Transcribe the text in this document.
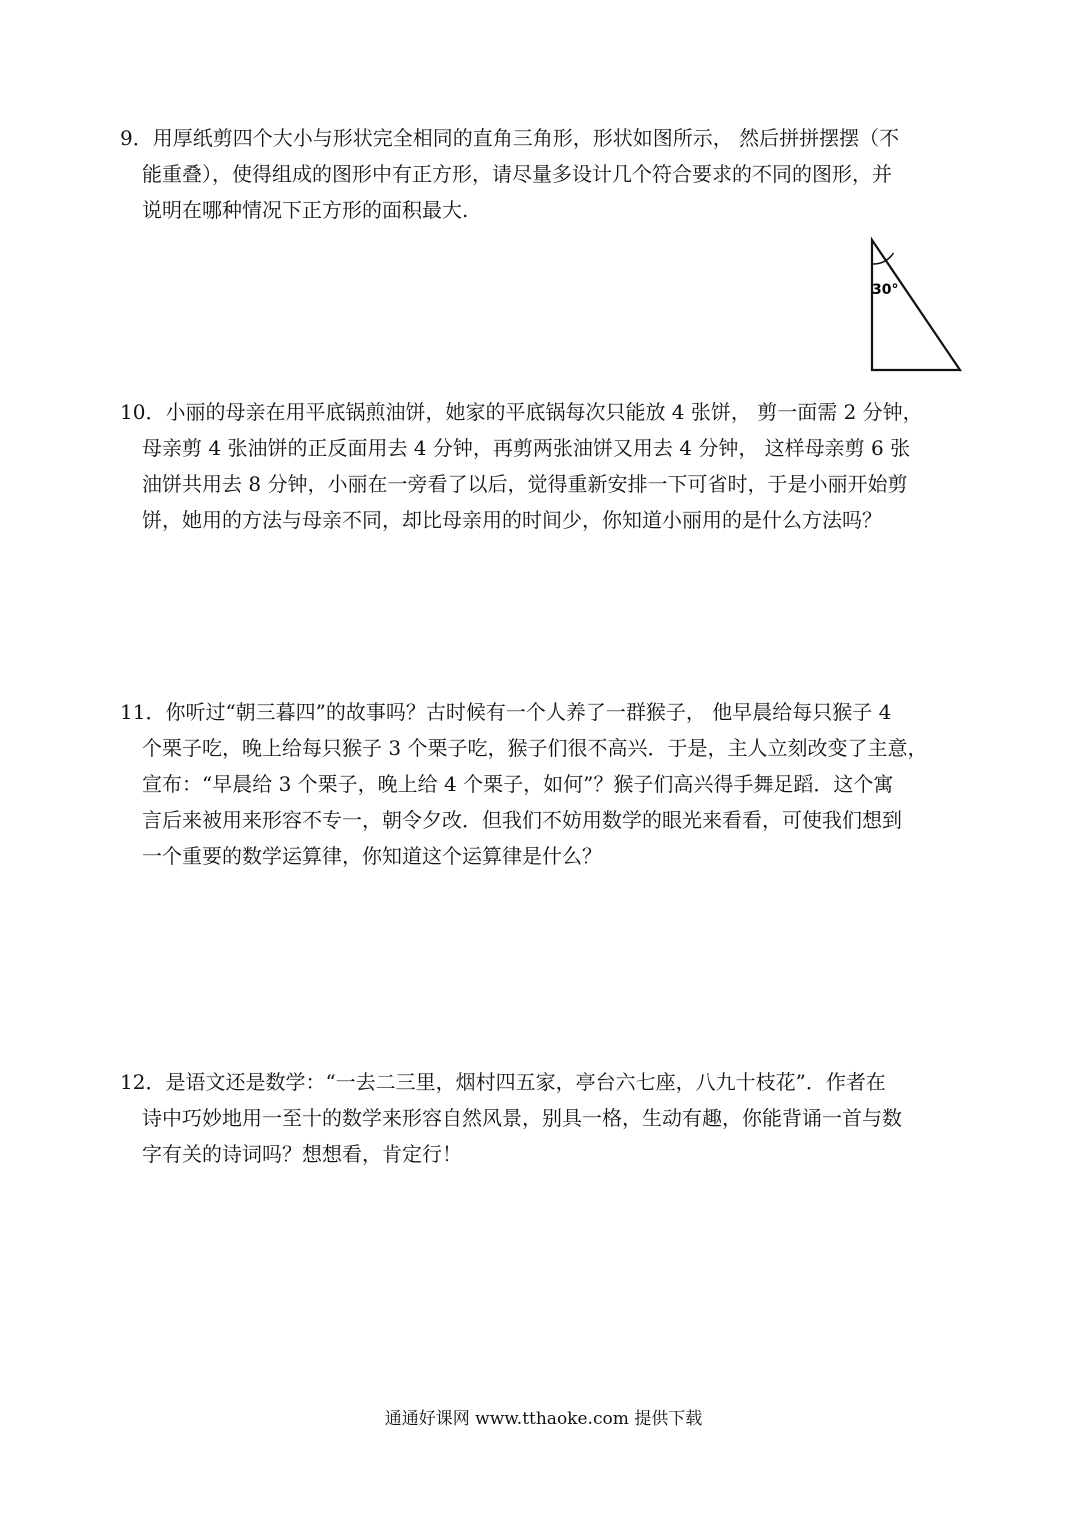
9．用厚纸剪四个大小与形状完全相同的直角三角形，形状如图所示， 然后拼拼摆摆（不
能重叠），使得组成的图形中有正方形，请尽量多设计几个符合要求的不同的图形，并
说明在哪种情况下正方形的面积最大.
30°
10．小丽的母亲在用平底锅煎油饼，她家的平底锅每次只能放 4 张饼， 剪一面需 2 分钟，
母亲剪 4 张油饼的正反面用去 4 分钟，再剪两张油饼又用去 4 分钟， 这样母亲剪 6 张
油饼共用去 8 分钟，小丽在一旁看了以后，觉得重新安排一下可省时，于是小丽开始剪
饼，她用的方法与母亲不同，却比母亲用的时间少，你知道小丽用的是什么方法吗？
11．你听过“朝三暮四”的故事吗？古时候有一个人养了一群猴子， 他早晨给每只猴子 4
个栗子吃，晚上给每只猴子 3 个栗子吃，猴子们很不高兴．于是，主人立刻改变了主意，
宣布：“早晨给 3 个栗子，晚上给 4 个栗子，如何”？猴子们高兴得手舞足蹈．这个寓
言后来被用来形容不专一，朝令夕改．但我们不妨用数学的眼光来看看，可使我们想到
一个重要的数学运算律，你知道这个运算律是什么？
12．是语文还是数学：“一去二三里，烟村四五家，亭台六七座，八九十枝花”．作者在
诗中巧妙地用一至十的数学来形容自然风景，别具一格，生动有趣，你能背诵一首与数
字有关的诗词吗？想想看，肯定行！
通通好课网 www.tthaoke.com 提供下载
